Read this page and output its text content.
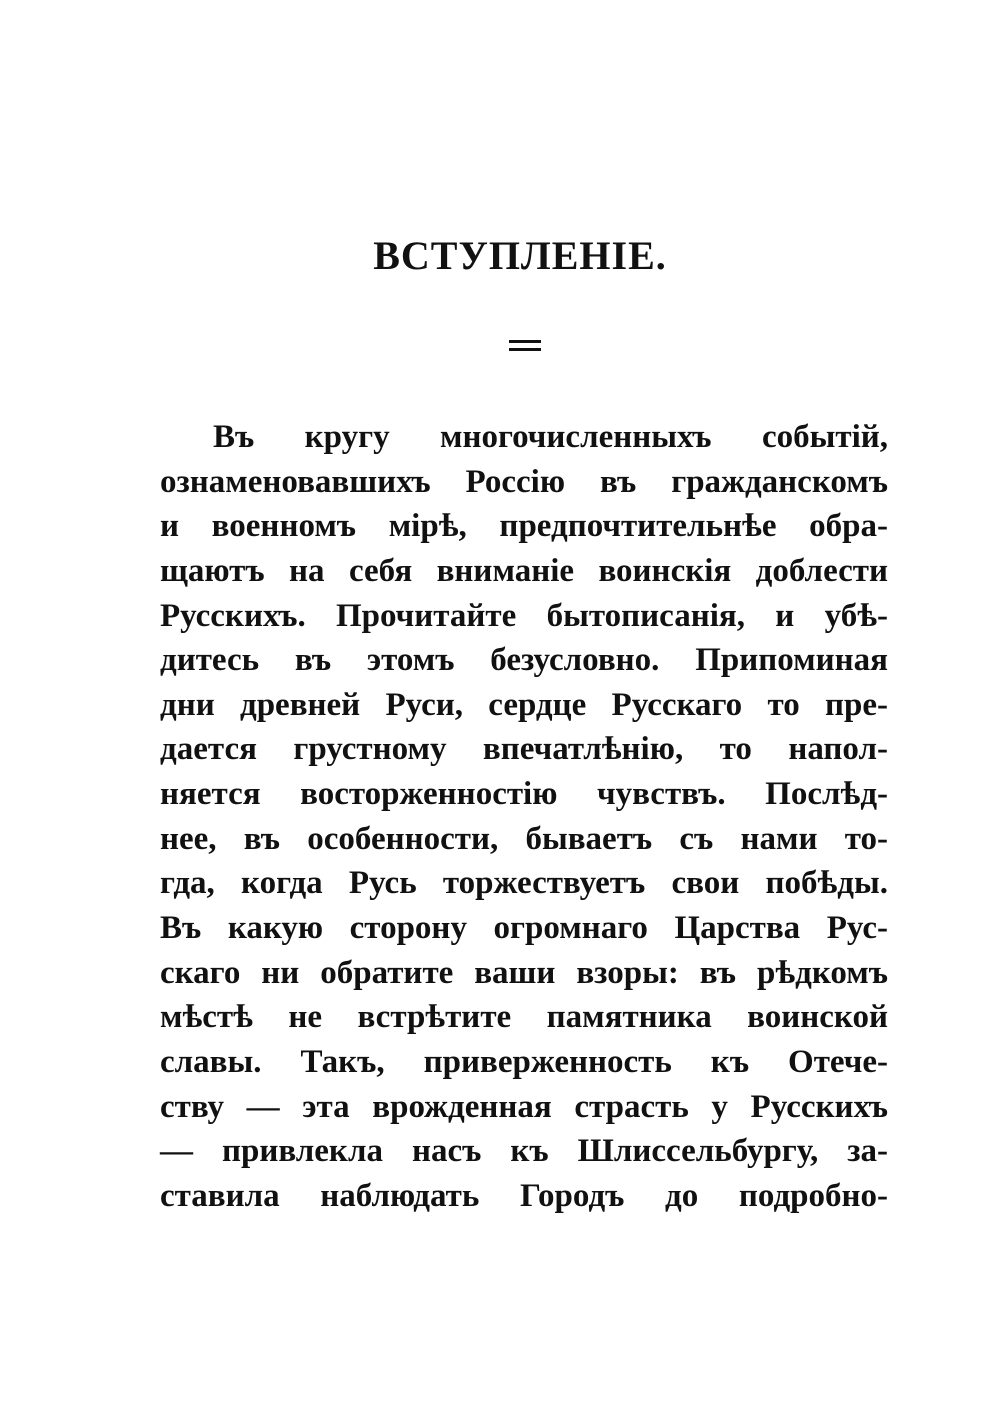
ВСТУПЛЕНІЕ.
Въ кругу многочисленныхъ событій,
ознаменовавшихъ Россію въ гражданскомъ
и военномъ мірѣ, предпочтительнѣе обра-
щаютъ на себя вниманіе воинскія доблести
Русскихъ. Прочитайте бытописанія, и убѣ-
дитесь въ этомъ безусловно. Припоминая
дни древней Руси, сердце Русскаго то пре-
дается грустному впечатлѣнію, то напол-
няется восторженностію чувствъ. Послѣд-
нее, въ особенности, бываетъ съ нами то-
гда, когда Русь торжествуетъ свои побѣды.
Въ какую сторону огромнаго Царства Рус-
скаго ни обратите ваши взоры: въ рѣдкомъ
мѣстѣ не встрѣтите памятника воинской
славы. Такъ, приверженность къ Отече-
ству — эта врожденная страсть у Русскихъ
— привлекла насъ къ Шлиссельбургу, за-
ставила наблюдать Городъ до подробно-
